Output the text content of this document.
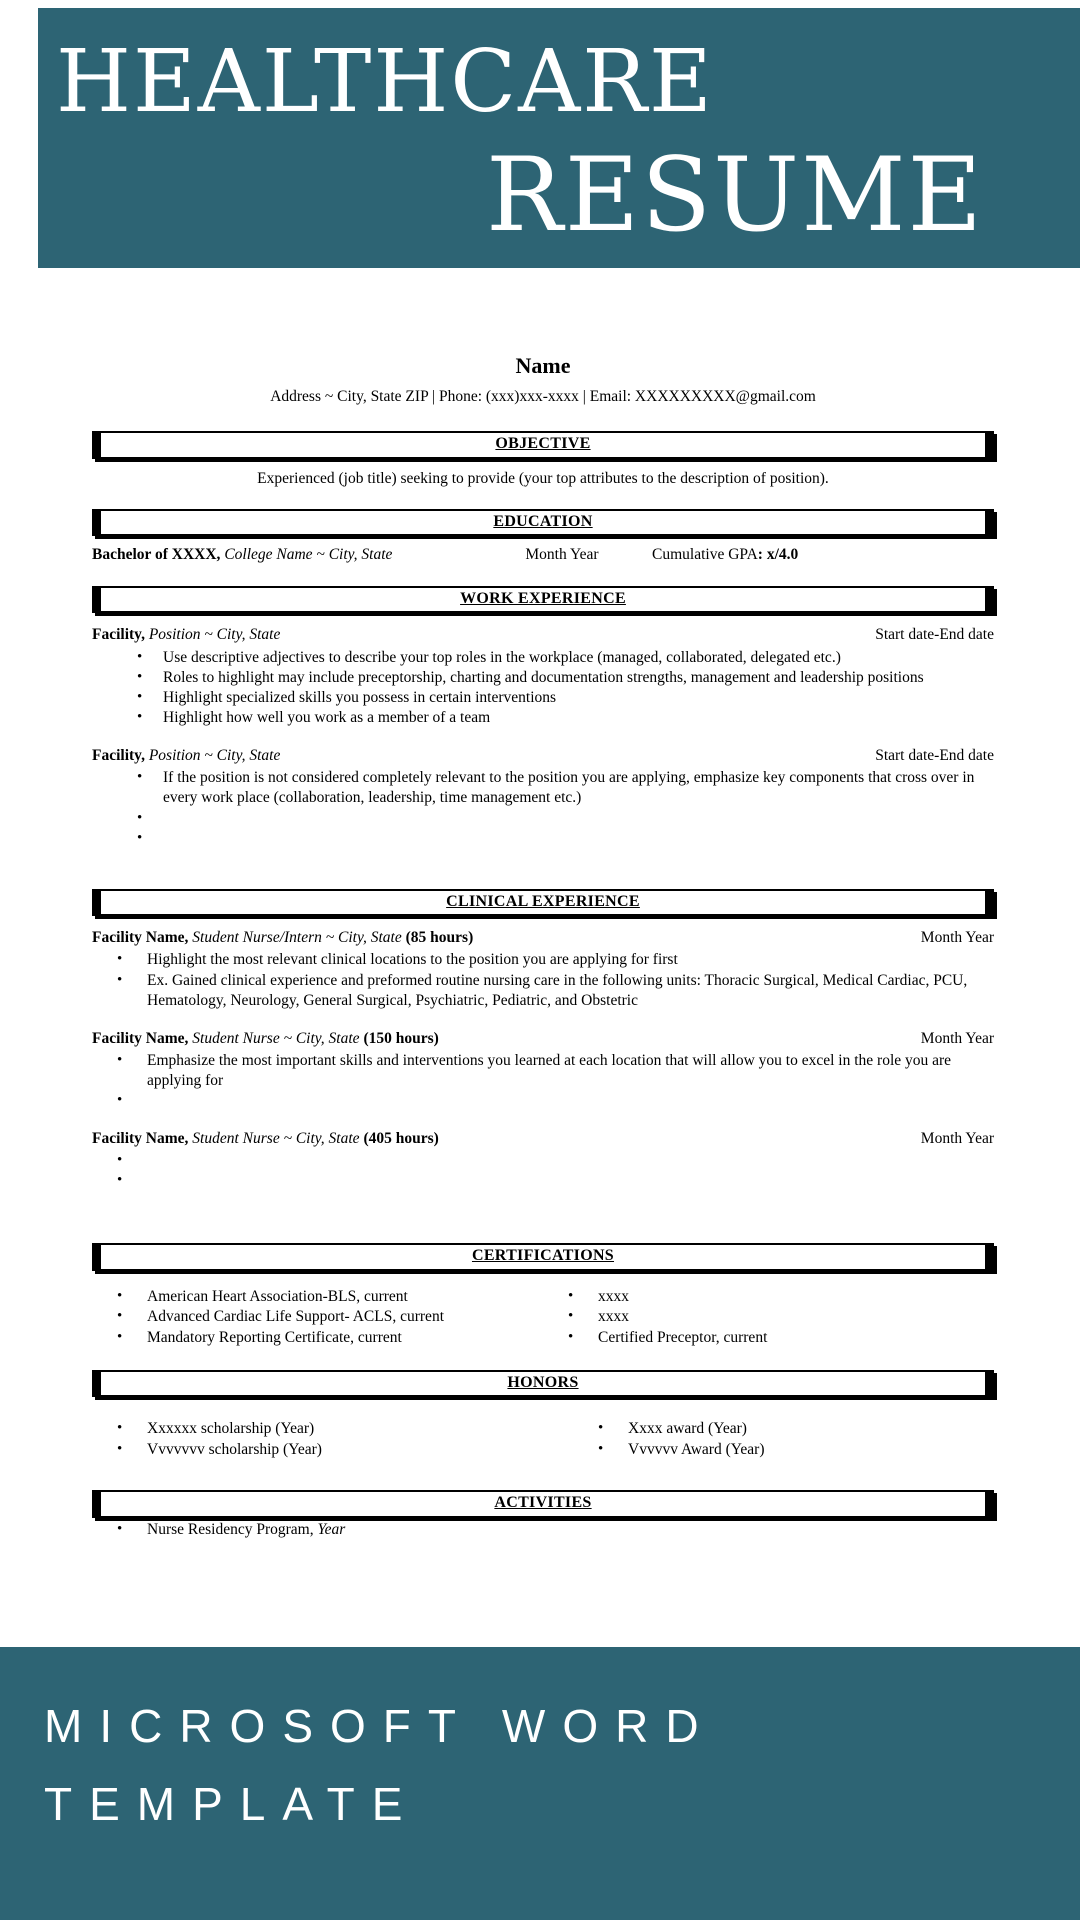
HEALTHCARE
RESUME
Name
Address ~ City, State ZIP | Phone: (xxx)xxx-xxxx | Email: XXXXXXXXX@gmail.com
OBJECTIVE

Experienced (job title) seeking to provide (your top attributes to the description of position).

EDUCATION
Bachelor of XXXX, College Name ~ City, State	Month Year	Cumulative GPA: x/4.0
WORK EXPERIENCE
Facility, Position ~ City, State	Start date-End date
• Use descriptive adjectives to describe your top roles in the workplace (managed, collaborated, delegated etc.)
• Roles to highlight may include preceptorship, charting and documentation strengths, management and leadership positions
• Highlight specialized skills you possess in certain interventions
• Highlight how well you work as a member of a team
Facility, Position ~ City, State	Start date-End date
• If the position is not considered completely relevant to the position you are applying, emphasize key components that cross over in every work place (collaboration, leadership, time management etc.)
•
•
CLINICAL EXPERIENCE
Facility Name, Student Nurse/Intern ~ City, State (85 hours)	Month Year
• Highlight the most relevant clinical locations to the position you are applying for first
• Ex. Gained clinical experience and preformed routine nursing care in the following units: Thoracic Surgical, Medical Cardiac, PCU, Hematology, Neurology, General Surgical, Psychiatric, Pediatric, and Obstetric
Facility Name, Student Nurse ~ City, State (150 hours)	Month Year
• Emphasize the most important skills and interventions you learned at each location that will allow you to excel in the role you are applying for
•
Facility Name, Student Nurse ~ City, State (405 hours)	Month Year
•
•
CERTIFICATIONS
• American Heart Association-BLS, current
• Advanced Cardiac Life Support- ACLS, current
• Mandatory Reporting Certificate, current
• xxxx
• xxxx
• Certified Preceptor, current
HONORS
• Xxxxxx scholarship (Year)
• Vvvvvvv scholarship (Year)
• Xxxx award (Year)
• Vvvvvv Award (Year)
ACTIVITIES
• Nurse Residency Program, Year
MICROSOFT WORD
TEMPLATE
